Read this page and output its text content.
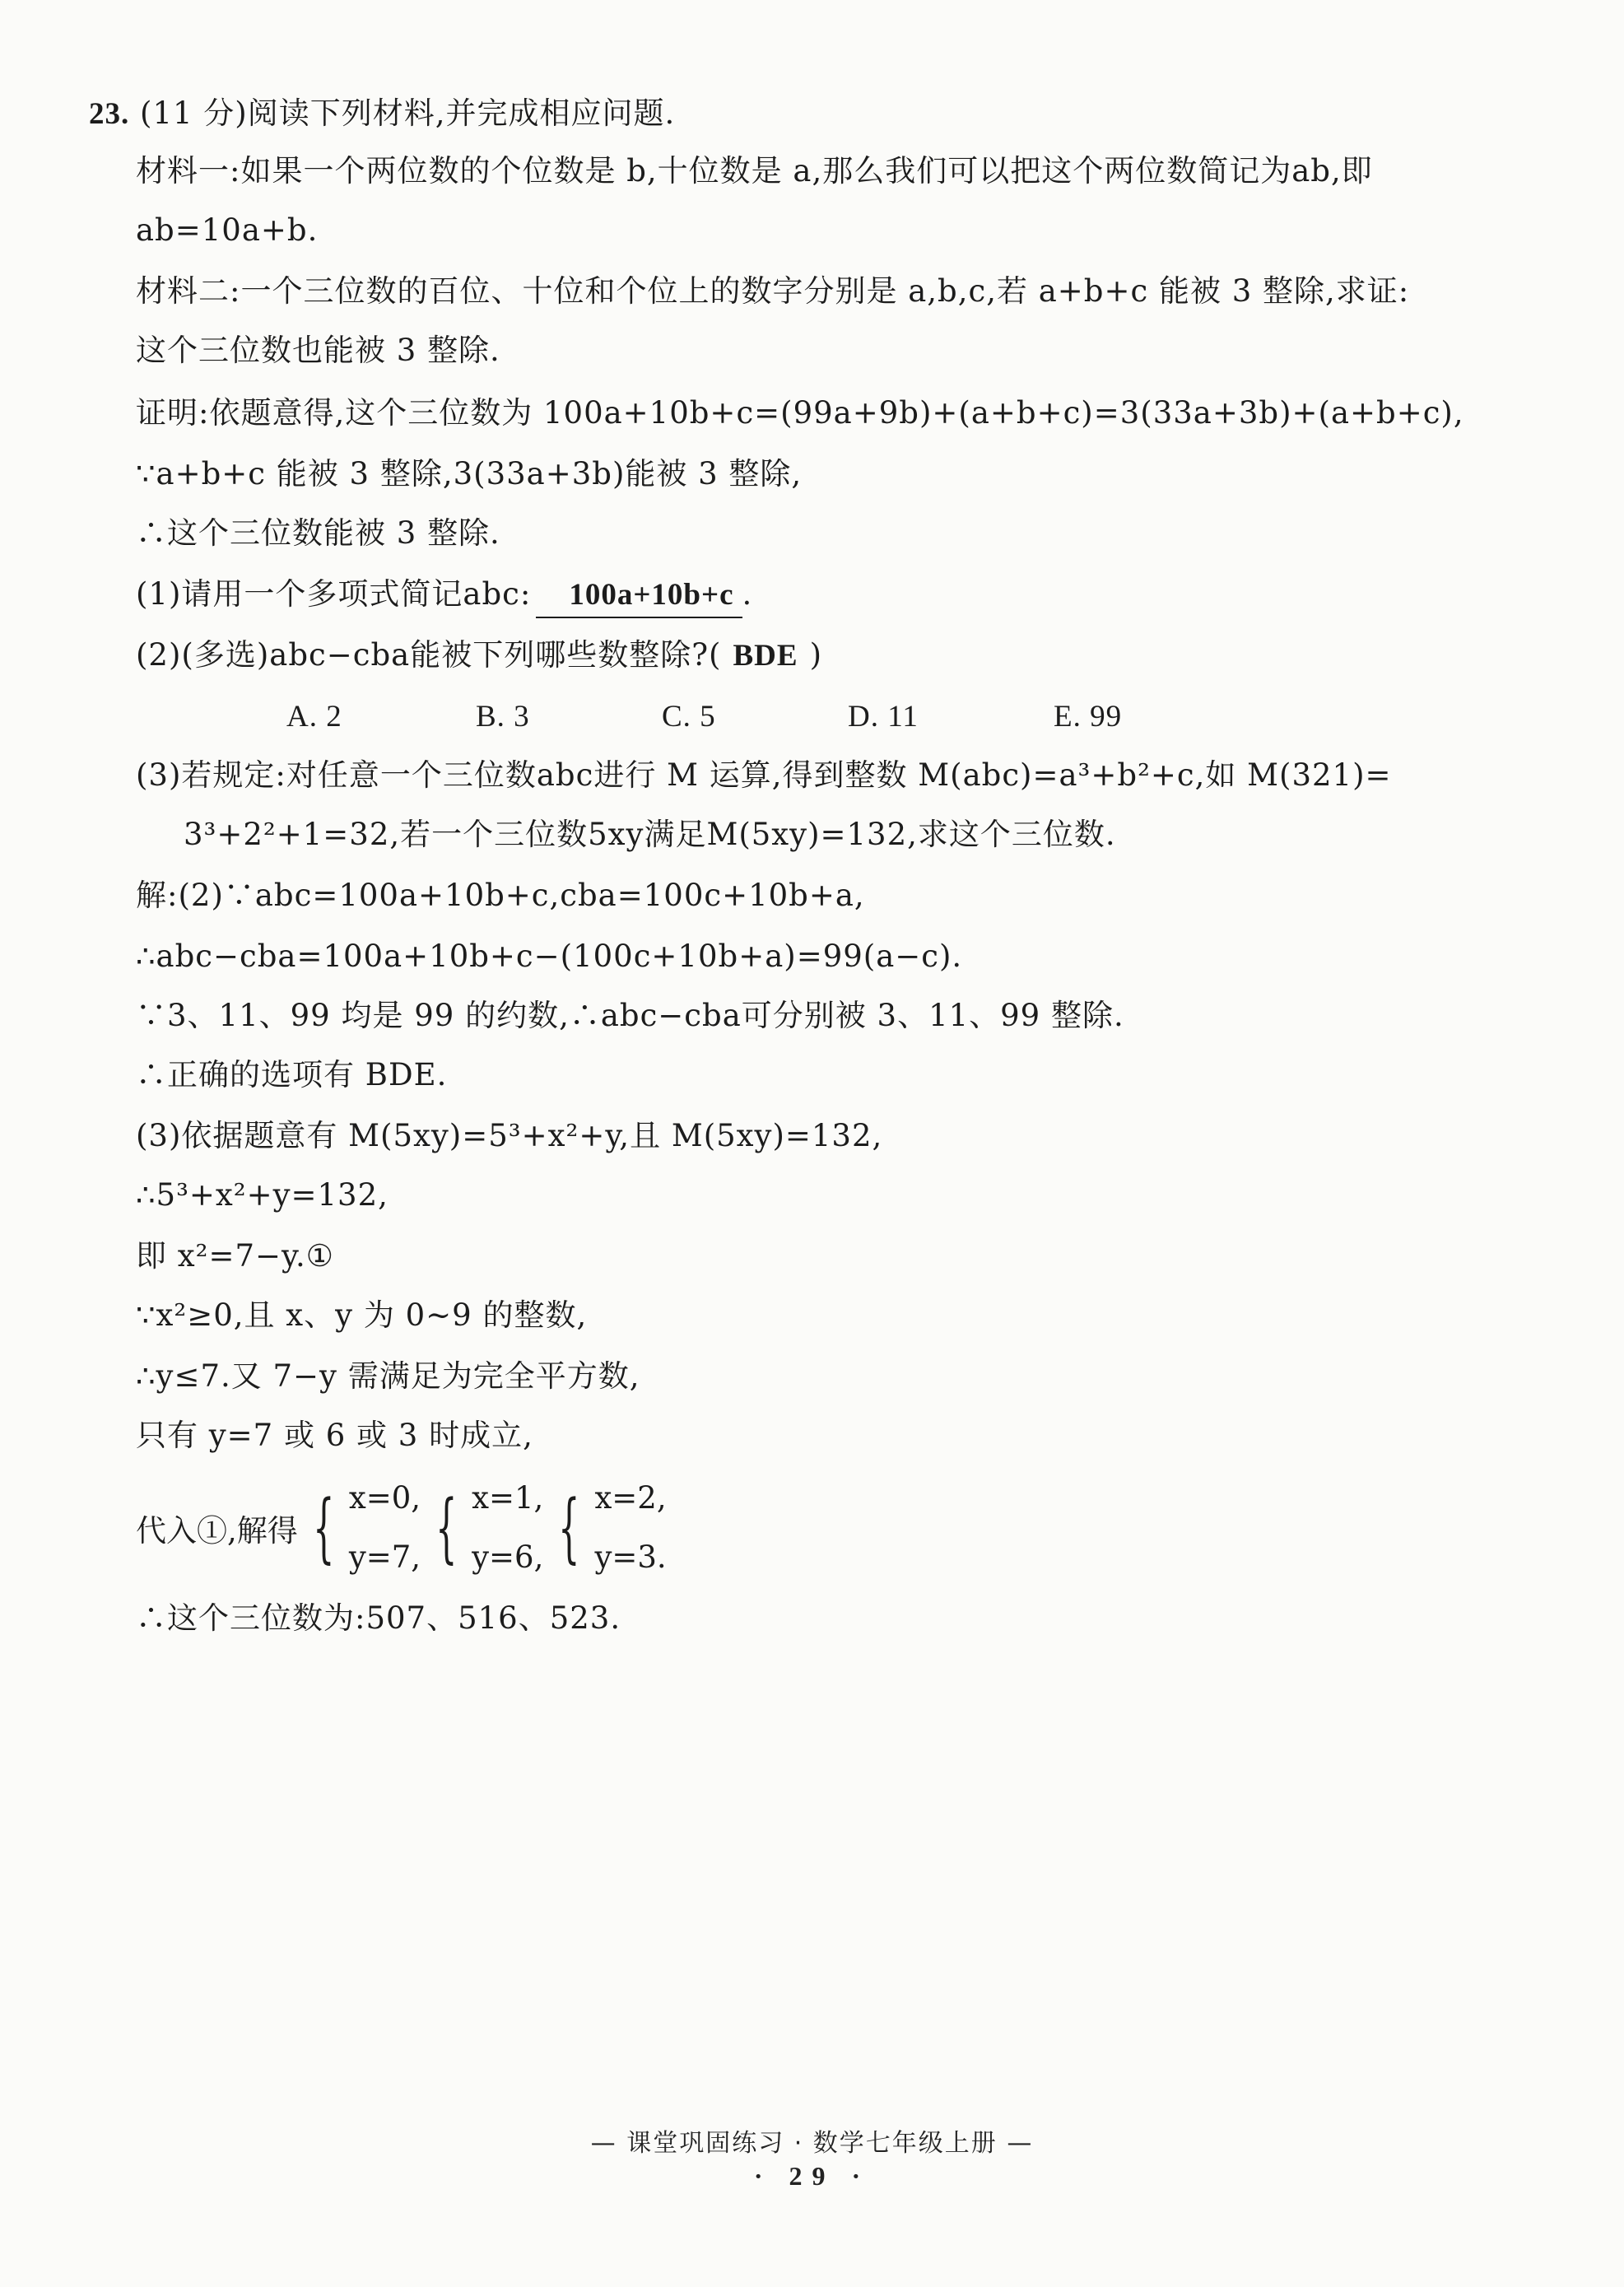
23. (11 分)阅读下列材料,并完成相应问题.
材料一:如果一个两位数的个位数是 b,十位数是 a,那么我们可以把这个两位数简记为ab,即
ab=10a+b.
材料二:一个三位数的百位、十位和个位上的数字分别是 a,b,c,若 a+b+c 能被 3 整除,求证:
这个三位数也能被 3 整除.
证明:依题意得,这个三位数为 100a+10b+c=(99a+9b)+(a+b+c)=3(33a+3b)+(a+b+c),
∵a+b+c 能被 3 整除,3(33a+3b)能被 3 整除,
∴这个三位数能被 3 整除.
(1)请用一个多项式简记abc: 100a+10b+c .
(2)(多选)abc−cba能被下列哪些数整除?( BDE )
A. 2	B. 3	C. 5	D. 11	E. 99
(3)若规定:对任意一个三位数abc进行 M 运算,得到整数 M(abc)=a³+b²+c,如 M(321)=
3³+2²+1=32,若一个三位数5xy满足M(5xy)=132,求这个三位数.
解:(2)∵abc=100a+10b+c,cba=100c+10b+a,
∴abc−cba=100a+10b+c−(100c+10b+a)=99(a−c).
∵3、11、99 均是 99 的约数,∴abc−cba可分别被 3、11、99 整除.
∴正确的选项有 BDE.
(3)依据题意有 M(5xy)=5³+x²+y,且 M(5xy)=132,
∴5³+x²+y=132,
即 x²=7−y.①
∵x²≥0,且 x、y 为 0~9 的整数,
∴y≤7.又 7−y 需满足为完全平方数,
只有 y=7 或 6 或 3 时成立,
代入①,解得 { x=0,
y=7, { x=1,
y=6, { x=2,
y=3.
∴这个三位数为:507、516、523.
— 课堂巩固练习 · 数学七年级上册 —
· 29 ·
